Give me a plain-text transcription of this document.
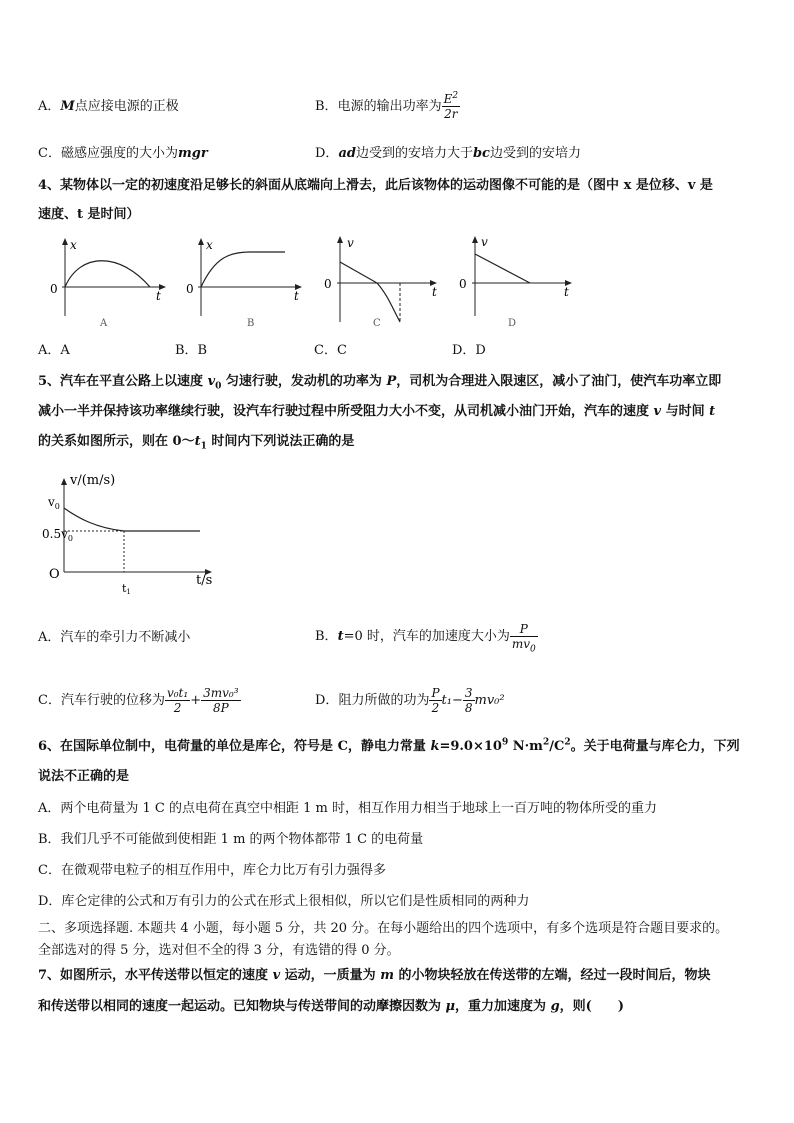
A．M点应接电源的正极	B．电源的输出功率为 $\frac{E^2}{2r}$
C．磁感应强度的大小为mgr	D．ad边受到的安培力大于bc边受到的安培力
4、某物体以一定的初速度沿足够长的斜面从底端向上滑去，此后该物体的运动图像不可能的是（图中 x 是位移、v 是
速度、t 是时间）
x
0	t
A
x
0	t
B
v
0
t
C
v
0
t
D
A．A	B．B	C．C	D．D
5、汽车在平直公路上以速度 $v_0$ 匀速行驶，发动机的功率为 P，司机为合理进入限速区，减小了油门，使汽车功率立即
减小一半并保持该功率继续行驶，设汽车行驶过程中所受阻力大小不变，从司机减小油门开始，汽车的速度 v 与时间 t
的关系如图所示，则在 $0\sim t_1$ 时间内下列说法正确的是
v/(m/s)
$v_0$
$0.5v_0$
O
t1
t/s
A．汽车的牵引力不断减小	B．t=0 时，汽车的加速度大小为 $\frac{P}{mv_0}$
C．汽车行驶的位移为 $\frac{\text{v₀t₁}}{2} + \frac{\text{3mv₀³}}{8P}$	D．阻力所做的功为 $\frac{P}{2} t_1- \frac{3}{8} mv_0^2$
6、在国际单位制中，电荷量的单位是库仑，符号是 C，静电力常量 $k=9.0\times 10^9$ $N\cdot m^2/C^2$。关于电荷量与库仑力，下列
说法不正确的是
A．两个电荷量为 1 C 的点电荷在真空中相距 1 m 时，相互作用力相当于地球上一百万吨的物体所受的重力
B．我们几乎不可能做到使相距 1 m 的两个物体都带 1 C 的电荷量
C．在微观带电粒子的相互作用中，库仑力比万有引力强得多
D．库仑定律的公式和万有引力的公式在形式上很相似，所以它们是性质相同的两种力
二、多项选择题. 本题共 4 小题，每小题 5 分，共 20 分。在每小题给出的四个选项中，有多个选项是符合题目要求的。
全部选对的得 5 分，选对但不全的得 3 分，有选错的得 0 分。
7、如图所示，水平传送带以恒定的速度 v 运动，一质量为 m 的小物块轻放在传送带的左端，经过一段时间后，物块
和传送带以相同的速度一起运动。已知物块与传送带间的动摩擦因数为 μ，重力加速度为 g，则(　　)
